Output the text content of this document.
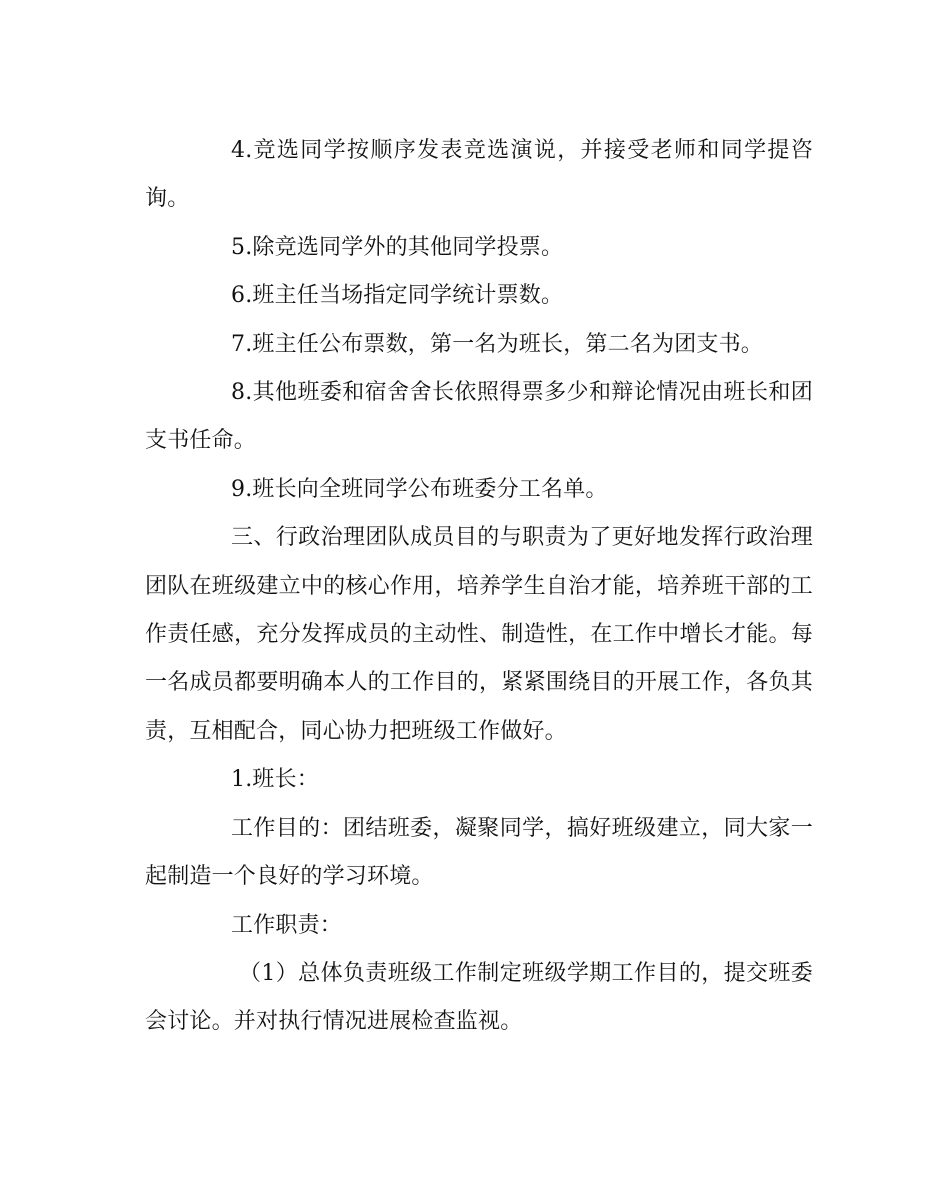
4.竞选同学按顺序发表竞选演说，并接受老师和同学提咨询。

5.除竞选同学外的其他同学投票。

6.班主任当场指定同学统计票数。

7.班主任公布票数，第一名为班长，第二名为团支书。

8.其他班委和宿舍舍长依照得票多少和辩论情况由班长和团支书任命。

9.班长向全班同学公布班委分工名单。

三、行政治理团队成员目的与职责为了更好地发挥行政治理团队在班级建立中的核心作用，培养学生自治才能，培养班干部的工作责任感，充分发挥成员的主动性、制造性，在工作中增长才能。每一名成员都要明确本人的工作目的，紧紧围绕目的开展工作，各负其责，互相配合，同心协力把班级工作做好。

1.班长：

工作目的：团结班委，凝聚同学，搞好班级建立，同大家一起制造一个良好的学习环境。

工作职责：

（1）总体负责班级工作制定班级学期工作目的，提交班委会讨论。并对执行情况进展检查监视。
